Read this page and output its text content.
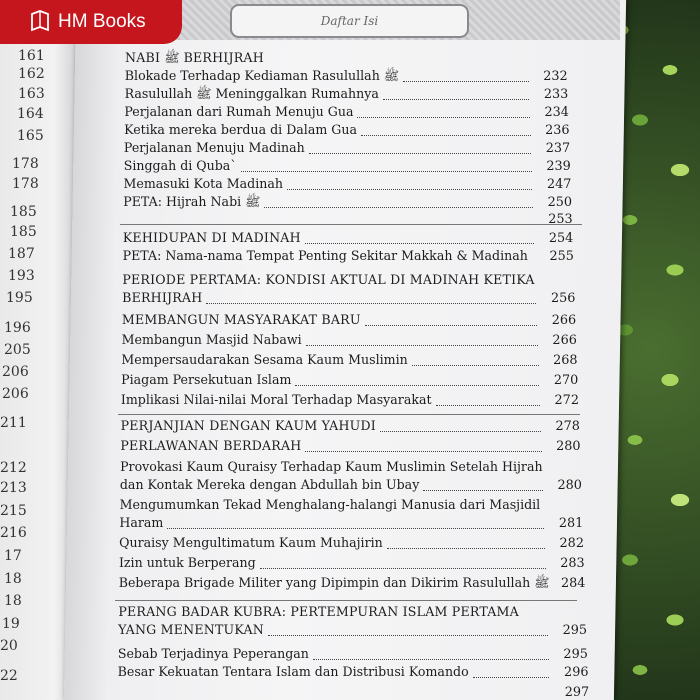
161
162
163
164
165
178
178
185
185
187
193
195
196
205
206
206
211
212
213
215
216
17
18
18
19
20
22
Daftar Isi
HM Books
NABI ﷺ BERHIJRAH
Blokade Terhadap Kediaman Rasulullah ﷺ	232
Rasulullah ﷺ Meninggalkan Rumahnya	233
Perjalanan dari Rumah Menuju Gua	234
Ketika mereka berdua di Dalam Gua	236
Perjalanan Menuju Madinah	237
Singgah di Quba`	239
Memasuki Kota Madinah	247
PETA: Hijrah Nabi ﷺ	250
253
KEHIDUPAN DI MADINAH	254
PETA: Nama-nama Tempat Penting Sekitar Makkah & Madinah	255
PERIODE PERTAMA: KONDISI AKTUAL DI MADINAH KETIKA
BERHIJRAH	256
MEMBANGUN MASYARAKAT BARU	266
Membangun Masjid Nabawi	266
Mempersaudarakan Sesama Kaum Muslimin	268
Piagam Persekutuan Islam	270
Implikasi Nilai-nilai Moral Terhadap Masyarakat	272
PERJANJIAN DENGAN KAUM YAHUDI	278
PERLAWANAN BERDARAH	280
Provokasi Kaum Quraisy Terhadap Kaum Muslimin Setelah Hijrah
dan Kontak Mereka dengan Abdullah bin Ubay	280
Mengumumkan Tekad Menghalang-halangi Manusia dari Masjidil
Haram	281
Quraisy Mengultimatum Kaum Muhajirin	282
Izin untuk Berperang	283
Beberapa Brigade Militer yang Dipimpin dan Dikirim Rasulullah ﷺ 284
PERANG BADAR KUBRA: PERTEMPURAN ISLAM PERTAMA
YANG MENENTUKAN	295
Sebab Terjadinya Peperangan	295
Besar Kekuatan Tentara Islam dan Distribusi Komando	296
297
